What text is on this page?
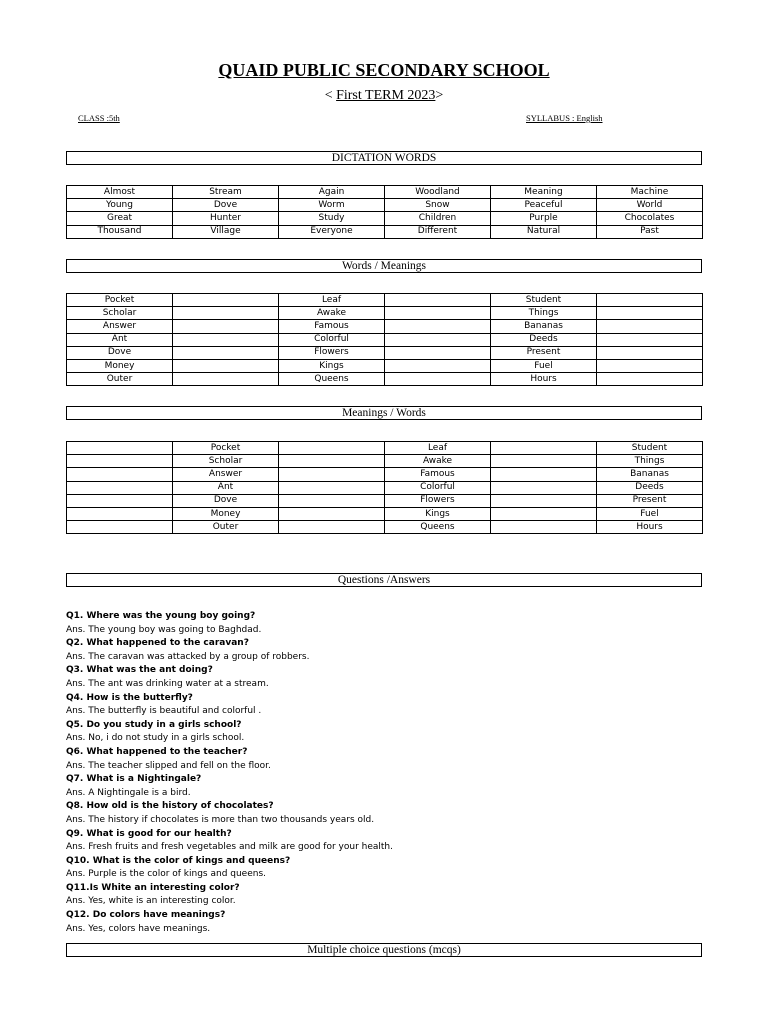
QUAID PUBLIC SECONDARY SCHOOL
< First TERM 2023>
CLASS :5th	SYLLABUS : English
DICTATION WORDS
Almost	Stream	Again	Woodland	Meaning	Machine
Young	Dove	Worm	Snow	Peaceful	World
Great	Hunter	Study	Children	Purple	Chocolates
Thousand	Village	Everyone	Different	Natural	Past
Words / Meanings
Pocket		Leaf		Student	
Scholar		Awake		Things	
Answer		Famous		Bananas	
Ant		Colorful		Deeds	
Dove		Flowers		Present	
Money		Kings		Fuel	
Outer		Queens		Hours	
Meanings / Words
	Pocket		Leaf		Student
	Scholar		Awake		Things
	Answer		Famous		Bananas
	Ant		Colorful		Deeds
	Dove		Flowers		Present
	Money		Kings		Fuel
	Outer		Queens		Hours
Questions /Answers
Q1. Where was the young boy going?
Ans. The young boy was going to Baghdad.
Q2. What happened to the caravan?
Ans. The caravan was attacked by a group of robbers.
Q3. What was the ant doing?
Ans. The ant was drinking water at a stream.
Q4. How is the butterfly?
Ans. The butterfly is beautiful and colorful .
Q5. Do you study in a girls school?
Ans. No, i do not study in a girls school.
Q6. What happened to the teacher?
Ans. The teacher slipped and fell on the floor.
Q7. What is a Nightingale?
Ans. A Nightingale is a bird.
Q8. How old is the history of chocolates?
Ans. The history if chocolates is more than two thousands years old.
Q9. What is good for our health?
Ans. Fresh fruits and fresh vegetables and milk are good for your health.
Q10. What is the color of kings and queens?
Ans. Purple is the color of kings and queens.
Q11.Is White an interesting color?
Ans. Yes, white is an interesting color.
Q12. Do colors have meanings?
Ans. Yes, colors have meanings.
Multiple choice questions (mcqs)
